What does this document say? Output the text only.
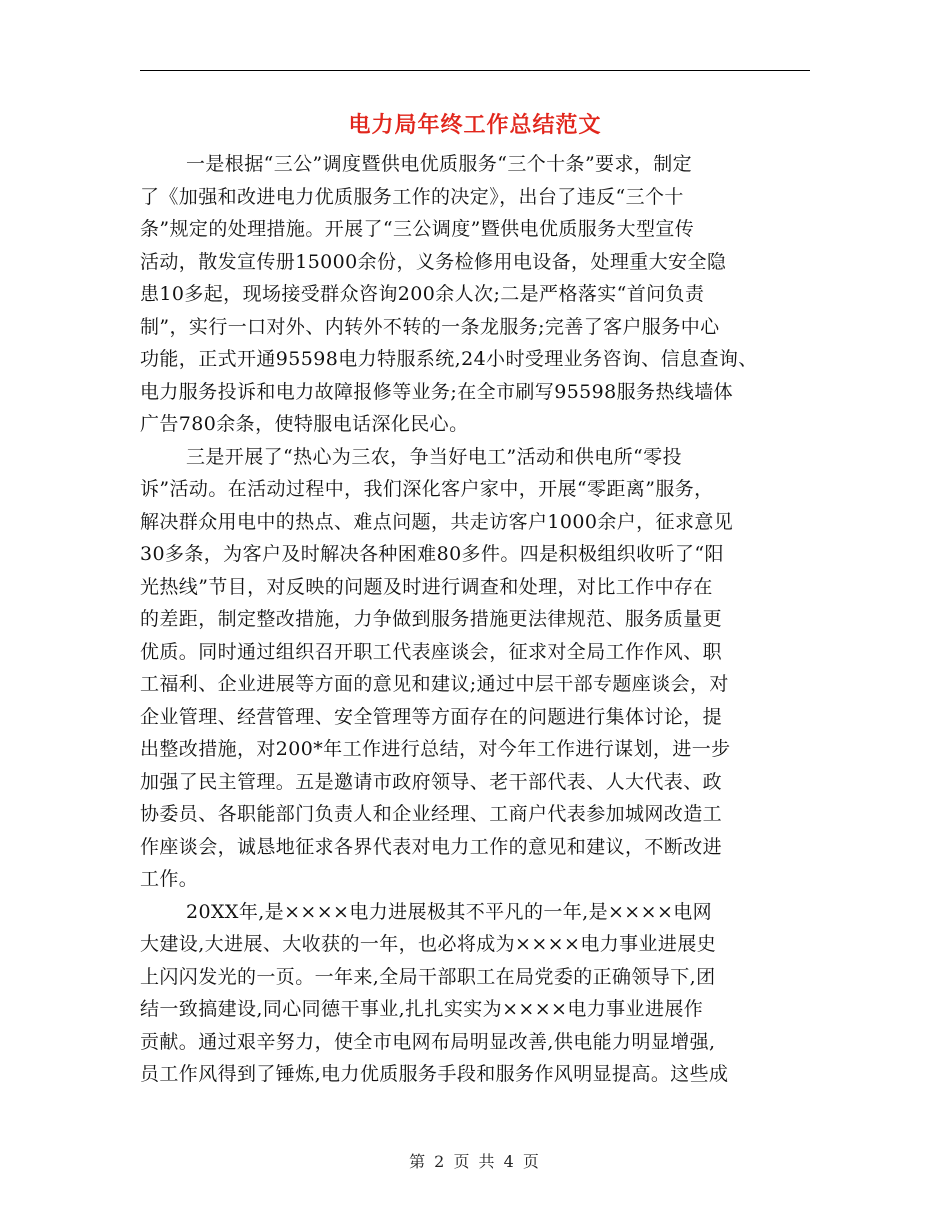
电力局年终工作总结范文
一是根据“三公”调度暨供电优质服务“三个十条”要求，制定
了《加强和改进电力优质服务工作的决定》，出台了违反“三个十
条”规定的处理措施。开展了“三公调度”暨供电优质服务大型宣传
活动，散发宣传册15000余份，义务检修用电设备，处理重大安全隐
患10多起，现场接受群众咨询200余人次;二是严格落实“首问负责
制”，实行一口对外、内转外不转的一条龙服务;完善了客户服务中心
功能，正式开通95598电力特服系统,24小时受理业务咨询、信息查询、
电力服务投诉和电力故障报修等业务;在全市刷写95598服务热线墙体
广告780余条，使特服电话深化民心。
三是开展了“热心为三农，争当好电工”活动和供电所“零投
诉”活动。在活动过程中，我们深化客户家中，开展“零距离”服务，
解决群众用电中的热点、难点问题，共走访客户1000余户，征求意见
30多条，为客户及时解决各种困难80多件。四是积极组织收听了“阳
光热线”节目，对反映的问题及时进行调查和处理，对比工作中存在
的差距，制定整改措施，力争做到服务措施更法律规范、服务质量更
优质。同时通过组织召开职工代表座谈会，征求对全局工作作风、职
工福利、企业进展等方面的意见和建议;通过中层干部专题座谈会，对
企业管理、经营管理、安全管理等方面存在的问题进行集体讨论，提
出整改措施，对200*年工作进行总结，对今年工作进行谋划，进一步
加强了民主管理。五是邀请市政府领导、老干部代表、人大代表、政
协委员、各职能部门负责人和企业经理、工商户代表参加城网改造工
作座谈会，诚恳地征求各界代表对电力工作的意见和建议，不断改进
工作。
20XX年,是××××电力进展极其不平凡的一年,是××××电网
大建设,大进展、大收获的一年，也必将成为××××电力事业进展史
上闪闪发光的一页。一年来,全局干部职工在局党委的正确领导下,团
结一致搞建设,同心同德干事业,扎扎实实为××××电力事业进展作
贡献。通过艰辛努力，使全市电网布局明显改善,供电能力明显增强,
员工作风得到了锤炼,电力优质服务手段和服务作风明显提高。这些成
第 2 页 共 4 页
